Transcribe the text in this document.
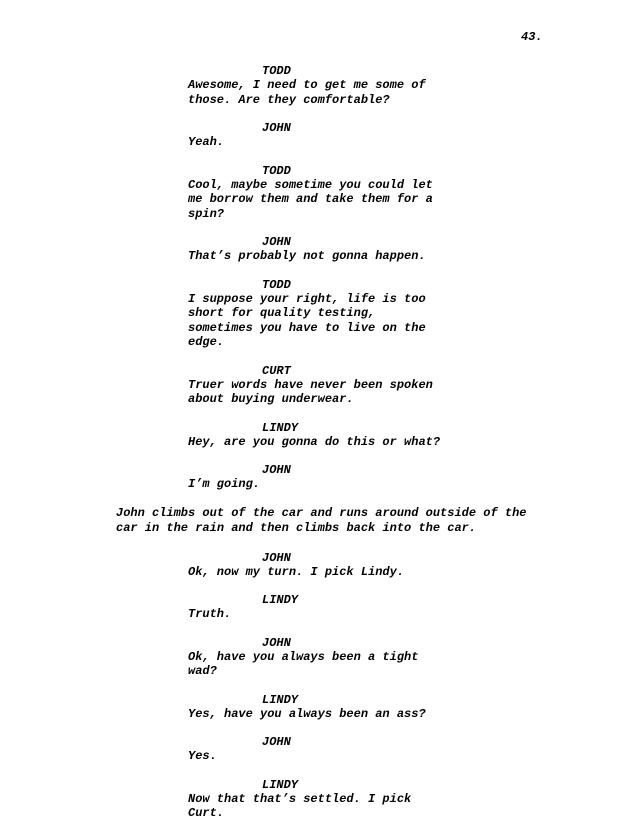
43.
TODD
Awesome, I need to get me some of
those. Are they comfortable?
JOHN
Yeah.
TODD
Cool, maybe sometime you could let
me borrow them and take them for a
spin?
JOHN
That’s probably not gonna happen.
TODD
I suppose your right, life is too
short for quality testing,
sometimes you have to live on the
edge.
CURT
Truer words have never been spoken
about buying underwear.
LINDY
Hey, are you gonna do this or what?
JOHN
I’m going.
John climbs out of the car and runs around outside of the
car in the rain and then climbs back into the car.
JOHN
Ok, now my turn. I pick Lindy.
LINDY
Truth.
JOHN
Ok, have you always been a tight
wad?
LINDY
Yes, have you always been an ass?
JOHN
Yes.
LINDY
Now that that’s settled. I pick
Curt.
